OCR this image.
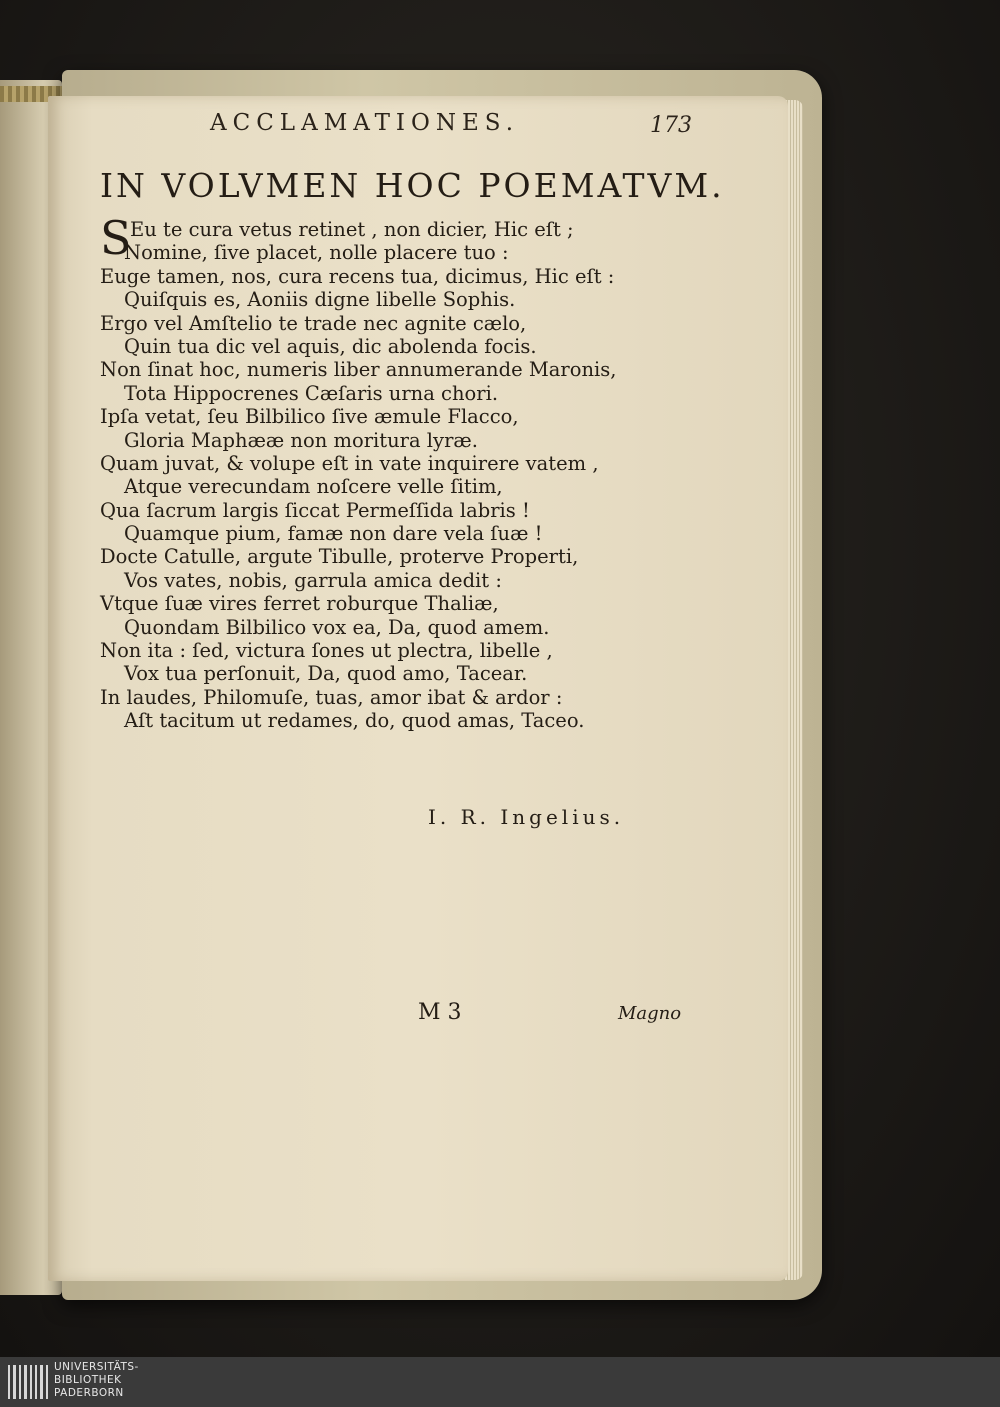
ACCLAMATIONES.	173
IN VOLVMEN HOC POEMATVM.
S
Eu te cura vetus retinet , non dicier, Hic eſt ;
Nomine, ſive pl͏acet, nolle placere tuo :
Euge tamen, nos, cura recens tua, dicimus, Hic eſt :
Quiſquis es, Aoniis digne libelle Sophis.
Ergo vel Amſtelio te trade nec agnite cælo,
Quin tua dic vel aquis, dic abolenda focis.
Non ſinat hoc, numeris liber annumerande Maronis,
Tota Hippocrenes Cæſaris urna chori.
Ipſa vetat, ſeu Bilbilico ſive æmule Flacco,
Gloria Maphææ non moritura lyræ.
Quam juvat, & volupe eſt in vate inquirere vatem ,
Atque verecundam noſcere velle ſitim,
Qua ſacrum largis ſiccat Permeſſida labris !
Quamque pium, famæ non dare vela ſuæ !
Docte Catulle, argute Tibulle, proterve Properti,
Vos vates, nobis, garrula amica dedit :
Vtque ſuæ vires ferret roburque Thaliæ,
Quondam Bilbilico vox ea, Da, quod amem.
Non ita : ſed, victura ſones ut plectra, libelle ,
Vox tua perſonuit, Da, quod amo, Tacear.
In laudes, Philomuſe, tuas, amor ibat & ardor :
Aſt tacitum ut redames, do, quod amas, Taceo.
I. R. Ingelius.
M 3	Magno
UNIVERSITÄTS-
BIBLIOTHEK
PADERBORN
